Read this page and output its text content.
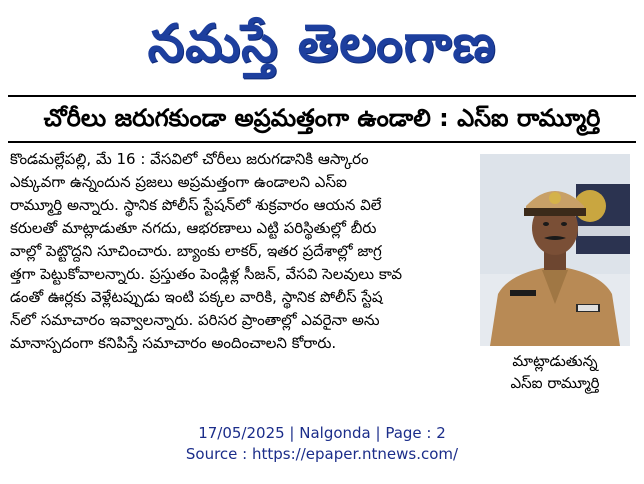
నమస్తే తెలంగాణ
చోరీలు జరుగకుండా అప్రమత్తంగా ఉండాలి : ఎస్ఐ రామ్మూర్తి
కొండమల్లేపల్లి, మే 16 : వేసవిలో చోరీలు జరుగడానికి ఆస్కారం
ఎక్కువగా ఉన్నందున ప్రజలు అప్రమత్తంగా ఉండాలని ఎస్ఐ
రామ్మూర్తి అన్నారు. స్థానిక పోలీస్ స్టేషన్‌లో శుక్రవారం ఆయన విలే
కరులతో మాట్లాడుతూ నగదు, ఆభరణాలు ఎట్టి పరిస్థితుల్లో బీరు
వాల్లో పెట్టొద్దని సూచించారు. బ్యాంకు లాకర్, ఇతర ప్రదేశాల్లో జాగ్ర
త్తగా పెట్టుకోవాలన్నారు. ప్రస్తుతం పెండ్లిళ్ల సీజన్, వేసవి సెలవులు కావ
డంతో ఊర్లకు వెళ్లేటప్పుడు ఇంటి పక్కల వారికి, స్థానిక పోలీస్ స్టేష
న్‌లో సమాచారం ఇవ్వాలన్నారు. పరిసర ప్రాంతాల్లో ఎవరైనా అను
మానాస్పదంగా కనిపిస్తే సమాచారం అందించాలని కోరారు.
మాట్లాడుతున్న
ఎస్ఐ రామ్మూర్తి
17/05/2025 | Nalgonda | Page : 2
Source : https://epaper.ntnews.com/
